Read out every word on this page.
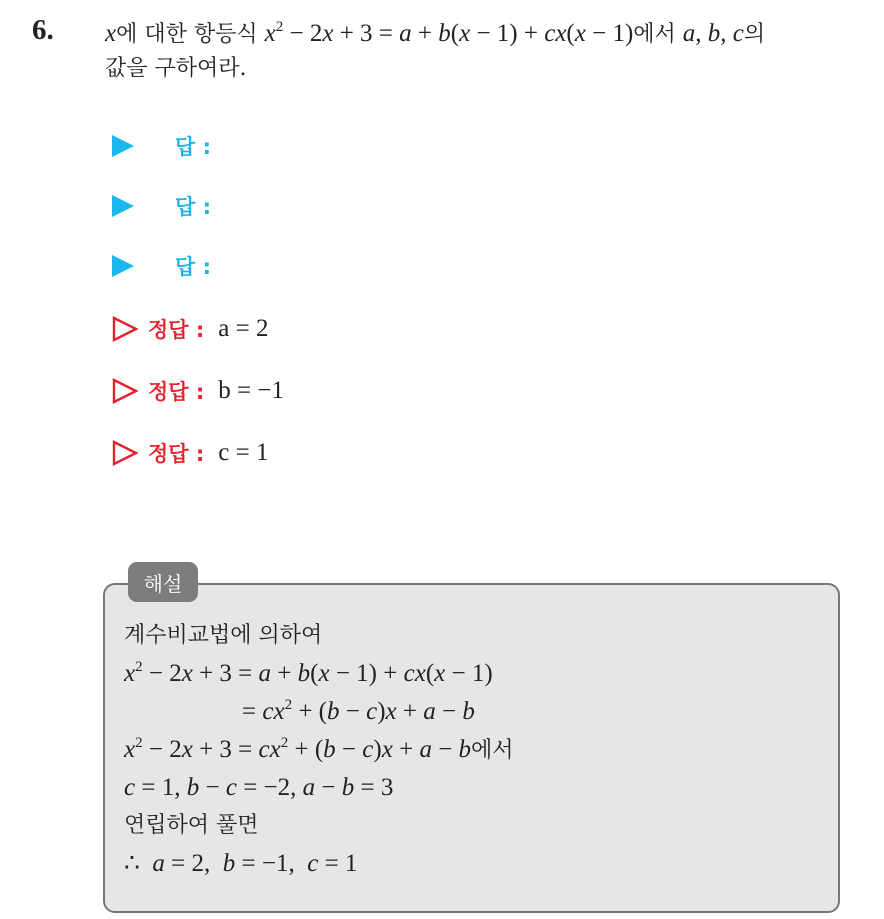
6. x에 대한 항등식 $x^2 - 2x + 3 = a + b(x - 1) + cx(x - 1)$에서 a, b, c의
값을 구하여라.
답 :
답 :
답 :
정답 : a = 2
정답 : b = −1
정답 : c = 1
해설
계수비교법에 의하여
$x^2 - 2x + 3 = a + b(x - 1) + cx(x - 1)$
= $cx^2 + (b - c)x + a - b$
$x^2 - 2x + 3 = cx^2 + (b - c)x + a - b$에서
c = 1, b − c = −2, a − b = 3
연립하여 풀면
∴  a = 2,  b = −1,  c = 1
